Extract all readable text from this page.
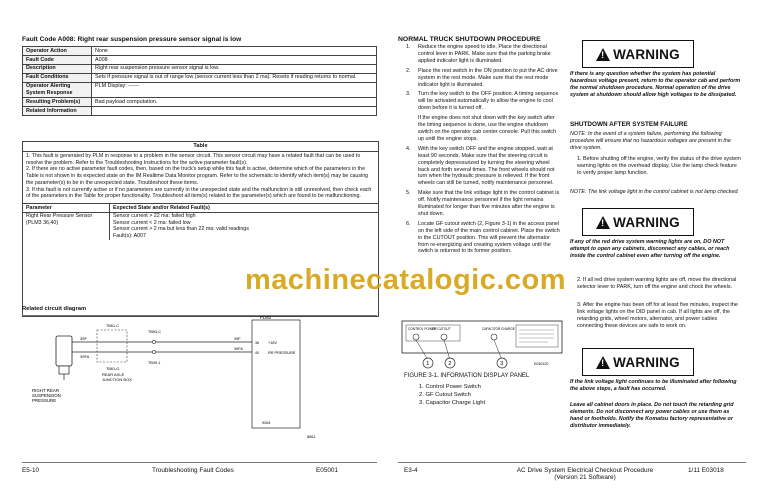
Fault Code A008: Right rear suspension pressure sensor signal is low
Operator Action	None
Fault Code	A008
Description	Right rear suspension pressure sensor signal is low.
Fault Conditions	Sets if pressure signal is out of range low (sensor current less than 2 ma). Resets if reading returns to normal.
Operator Alerting System Response	PLM Display: ------
Resulting Problem(s)	Bad payload computation.
Related Information	
Table
1. This fault is generated by PLM in response to a problem in the sensor circuit. This sensor circuit may have a related fault that can be used to resolve the problem. Refer to the Troubleshooting Instructions for the active parameter fault(s).
2. If there are no active parameter fault codes, then, based on the truck's setup while this fault is active, determine which of the parameters in the Table is not shown in its expected state on the IM Realtime Data Monitor program. Refer to the schematic to identify which item(s) may be causing the parameter(s) to be in the unexpected state. Troubleshoot these items.
3. If this fault is not currently active or if no parameters are currently in the unexpected state and the malfunction is still unresolved, then check each of the parameters in the Table for proper functionality. Troubleshoot all item(s) related to the parameter(s) which are found to be malfunctioning.
Parameter	Expected State and/or Related Fault(s)
Right Rear Pressure Sensor (PLM3 36,40)	Sensor current > 22 ma: failed high
Sensor current < 2 ma: failed low
Sensor current > 2 ma but less than 22 ma: valid readings
Fault(s): A007
Related circuit diagram
RIGHT REAR SUSPENSION PRESSURE
39F
39FA
TB61-C
TB61-G
REAR AXLE JUNCTION BOX
TB93-C
TB39-1
PLM3
39F
39FA
36
40
+18V
RR PRESSURE
9264
8661
E5-10	Troubleshooting Fault Codes	E05001
NORMAL TRUCK SHUTDOWN PROCEDURE
1. Reduce the engine speed to idle. Place the directional control lever in PARK. Make sure that the parking brake applied indicator light is illuminated.
2. Place the rest switch in the ON position to put the AC drive system in the rest mode. Make sure that the rest mode indicator light is illuminated.
3. Turn the key switch to the OFF position. A timing sequence will be activated automatically to allow the engine to cool down before it is turned off.
If the engine does not shut down with the key switch after the timing sequence is done, use the engine shutdown switch on the operator cab center console. Pull this switch up until the engine stops.
4. With the key switch OFF and the engine stopped, wait at least 90 seconds. Make sure that the steering circuit is completely depressurized by turning the steering wheel back and forth several times. The front wheels should not turn when the hydraulic pressure is relieved. If the front wheels can still be turned, notify maintenance personnel.
5. Make sure that the link voltage light in the control cabinet is off. Notify maintenance personnel if the light remains illuminated for longer than five minutes after the engine is shut down.
6. Locate GF cutout switch (2, Figure 3-1) in the access panel on the left side of the main control cabinet. Place the switch in the CUTOUT position. This will prevent the alternator from re-energizing and creating system voltage until the switch is returned to its former position.
CONTROL POWER
GF CUTOUT	CAPACITOR CHARGE
1	2	3	E030120
FIGURE 3-1. INFORMATION DISPLAY PANEL
1. Control Power Switch
2. GF Cutout Switch
3. Capacitor Charge Light
! WARNING
If there is any question whether the system has potential hazardous voltage present, return to the operator cab and perform the normal shutdown procedure. Normal operation of the drive system at shutdown should allow high voltages to be dissipated.
SHUTDOWN AFTER SYSTEM FAILURE
NOTE: In the event of a system failure, performing the following procedure will ensure that no hazardous voltages are present in the drive system.
1. Before shutting off the engine, verify the status of the drive system warning lights on the overhead display. Use the lamp check feature to verify proper lamp function.
NOTE: The link voltage light in the control cabinet is not lamp checked.
! WARNING
If any of the red drive system warning lights are on, DO NOT attempt to open any cabinets, disconnect any cables, or reach inside the control cabinet even after turning off the engine.
2. If all red drive system warning lights are off, move the directional selector lever to PARK, turn off the engine and chock the wheels.
3. After the engine has been off for at least five minutes, inspect the link voltage lights on the DID panel in cab. If all lights are off, the retarding grids, wheel motors, alternator, and power cables connecting these devices are safe to work on.
! WARNING
If the link voltage light continues to be illuminated after following the above steps, a fault has occurred.
Leave all cabinet doors in place. Do not touch the retarding grid elements. Do not disconnect any power cables or use them as hand or footholds. Notify the Komatsu factory representative or distributor immediately.
E3-4	AC Drive System Electrical Checkout Procedure
(Version 21 Software)
1/11 E03018
machinecatalogic.com
